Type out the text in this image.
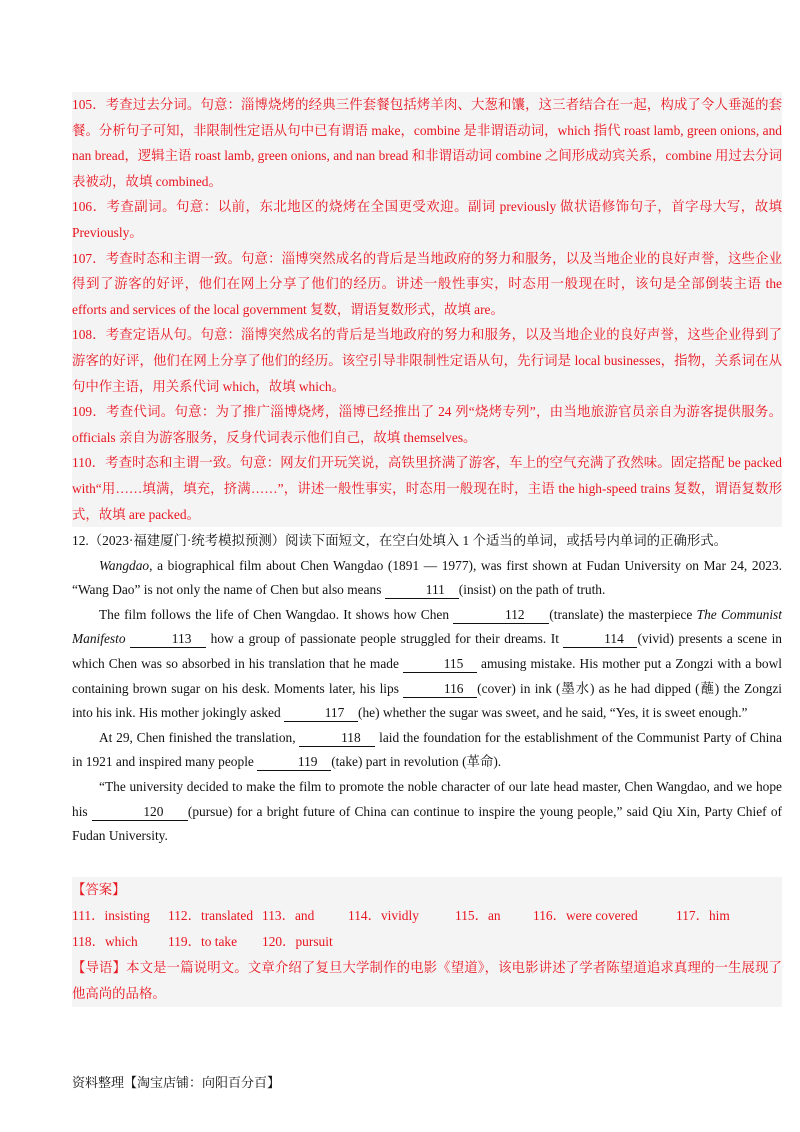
105．考查过去分词。句意：淄博烧烤的经典三件套餐包括烤羊肉、大葱和馕，这三者结合在一起，构成了令人垂涎的套餐。分析句子可知，非限制性定语从句中已有谓语 make，combine 是非谓语动词，which 指代 roast lamb, green onions, and nan bread，逻辑主语 roast lamb, green onions, and nan bread 和非谓语动词 combine 之间形成动宾关系，combine 用过去分词表被动，故填 combined。

106．考查副词。句意：以前，东北地区的烧烤在全国更受欢迎。副词 previously 做状语修饰句子，首字母大写，故填 Previously。

107．考查时态和主谓一致。句意：淄博突然成名的背后是当地政府的努力和服务，以及当地企业的良好声誉，这些企业得到了游客的好评，他们在网上分享了他们的经历。讲述一般性事实，时态用一般现在时，该句是全部倒装主语 the efforts and services of the local government 复数，谓语复数形式，故填 are。

108．考查定语从句。句意：淄博突然成名的背后是当地政府的努力和服务，以及当地企业的良好声誉，这些企业得到了游客的好评，他们在网上分享了他们的经历。该空引导非限制性定语从句，先行词是 local businesses，指物，关系词在从句中作主语，用关系代词 which，故填 which。

109．考查代词。句意：为了推广淄博烧烤，淄博已经推出了 24 列“烧烤专列”，由当地旅游官员亲自为游客提供服务。officials 亲自为游客服务，反身代词表示他们自己，故填 themselves。

110．考查时态和主谓一致。句意：网友们开玩笑说，高铁里挤满了游客，车上的空气充满了孜然味。固定搭配 be packed with“用……填满，填充，挤满……”，讲述一般性事实，时态用一般现在时，主语 the high-speed trains 复数，谓语复数形式，故填 are packed。

12.（2023·福建厦门·统考模拟预测）阅读下面短文，在空白处填入 1 个适当的单词，或括号内单词的正确形式。

Wangdao, a biographical film about Chen Wangdao (1891 — 1977), was first shown at Fudan University on Mar 24, 2023. “Wang Dao” is not only the name of Chen but also means	111 (insist) on the path of truth.

The film follows the life of Chen Wangdao. It shows how Chen	112 (translate) the masterpiece The Communist Manifesto	113 how a group of passionate people struggled for their dreams. It	114 (vivid) presents a scene in which Chen was so absorbed in his translation that he made	115 amusing mistake. His mother put a Zongzi with a bowl containing brown sugar on his desk. Moments later, his lips	116 (cover) in ink (墨水) as he had dipped (蘸) the Zongzi into his ink. His mother jokingly asked	117 (he) whether the sugar was sweet, and he said, “Yes, it is sweet enough.”

At 29, Chen finished the translation,	118 laid the foundation for the establishment of the Communist Party of China in 1921 and inspired many people	119 (take) part in revolution (革命).

“The university decided to make the film to promote the noble character of our late head master, Chen Wangdao, and we hope his	120 (pursue) for a bright future of China can continue to inspire the young people,” said Qiu Xin, Party Chief of Fudan University.

【答案】

111．insisting	112．translated 113．and	114．vividly	115．an	116．were covered	117．him

118．which	119．to take	120．pursuit

【导语】本文是一篇说明文。文章介绍了复旦大学制作的电影《望道》，该电影讲述了学者陈望道追求真理的一生展现了他高尚的品格。

资料整理【淘宝店铺：向阳百分百】
